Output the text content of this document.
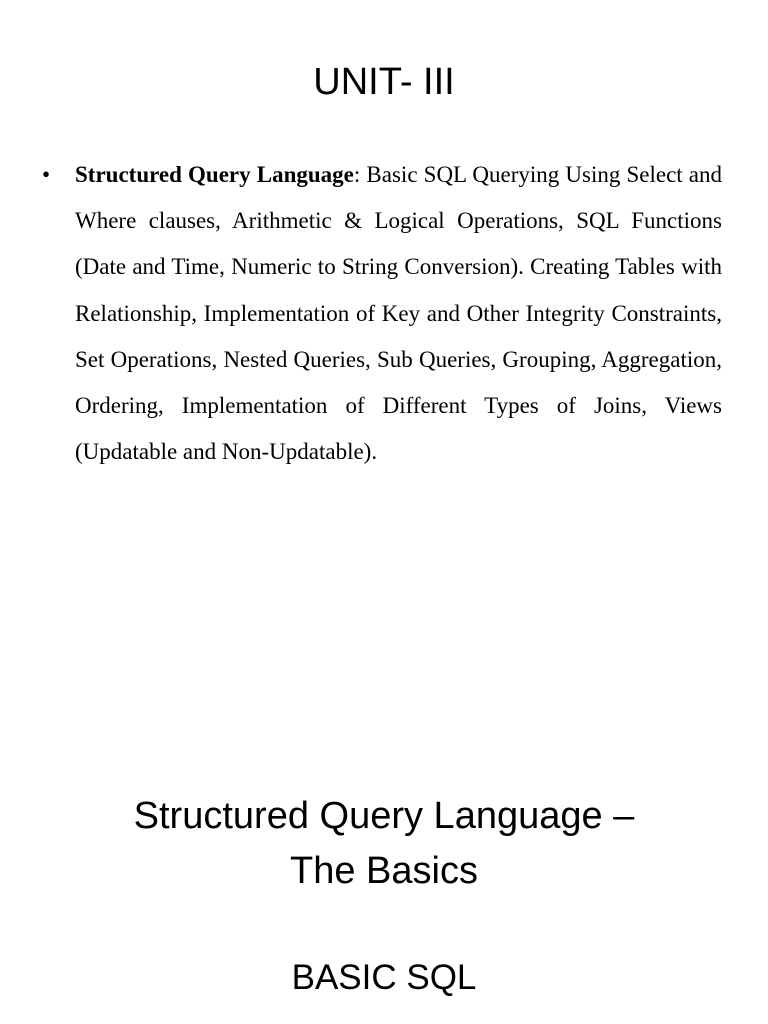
UNIT- III
•	Structured Query Language: Basic SQL Querying Using Select and Where clauses, Arithmetic & Logical Operations, SQL Functions (Date and Time, Numeric to String Conversion). Creating Tables with Relationship, Implementation of Key and Other Integrity Constraints, Set Operations, Nested Queries, Sub Queries, Grouping, Aggregation, Ordering, Implementation of Different Types of Joins, Views (Updatable and Non-Updatable).
Structured Query Language –
The Basics
BASIC SQL
